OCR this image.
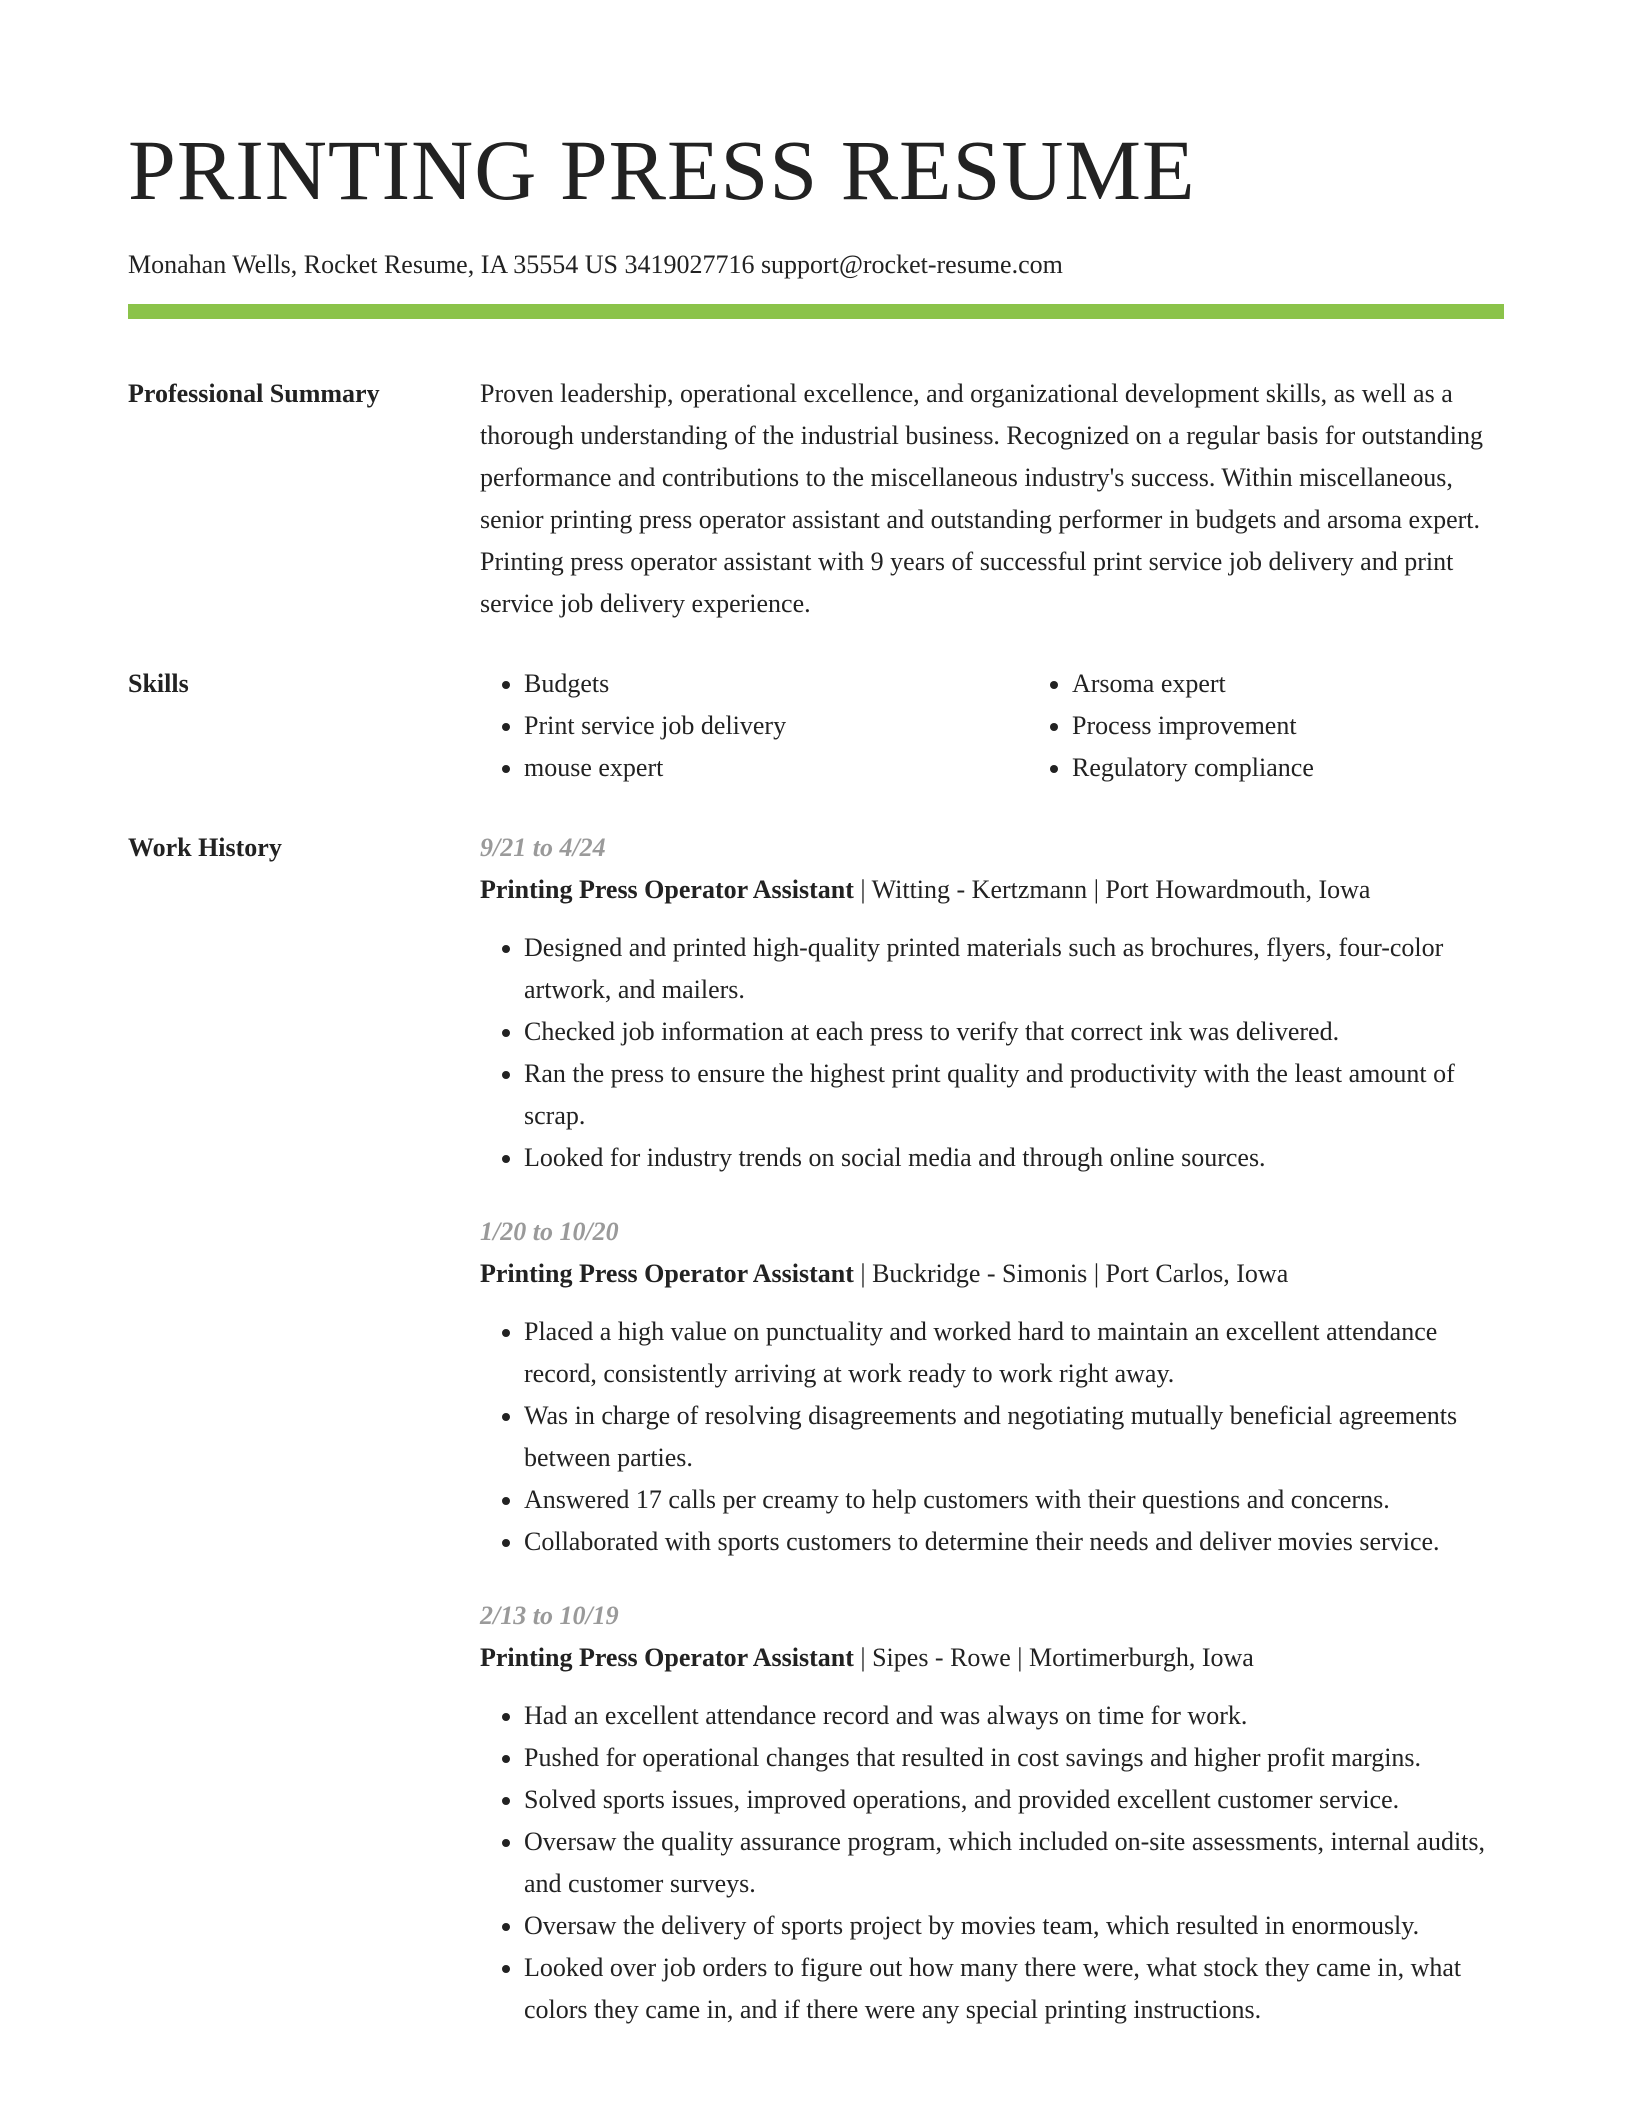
PRINTING PRESS RESUME
Monahan Wells, Rocket Resume, IA 35554 US 3419027716 support@rocket-resume.com
Professional Summary	Proven leadership, operational excellence, and organizational development skills, as well as a thorough understanding of the industrial business. Recognized on a regular basis for outstanding performance and contributions to the miscellaneous industry's success. Within miscellaneous, senior printing press operator assistant and outstanding performer in budgets and arsoma expert. Printing press operator assistant with 9 years of successful print service job delivery and print service job delivery experience.

Skills
•	Budgets
• Print service job delivery
• mouse expert
• Arsoma expert
• Process improvement
• Regulatory compliance
Work History	9/21 to 4/24
Printing Press Operator Assistant | Witting - Kertzmann | Port Howardmouth, Iowa
• Designed and printed high-quality printed materials such as brochures, flyers, four-color artwork, and mailers.
• Checked job information at each press to verify that correct ink was delivered.
• Ran the press to ensure the highest print quality and productivity with the least amount of scrap.
• Looked for industry trends on social media and through online sources.
1/20 to 10/20
Printing Press Operator Assistant | Buckridge - Simonis | Port Carlos, Iowa
• Placed a high value on punctuality and worked hard to maintain an excellent attendance record, consistently arriving at work ready to work right away.
• Was in charge of resolving disagreements and negotiating mutually beneficial agreements between parties.
• Answered 17 calls per creamy to help customers with their questions and concerns.
• Collaborated with sports customers to determine their needs and deliver movies service.
2/13 to 10/19
Printing Press Operator Assistant | Sipes - Rowe | Mortimerburgh, Iowa
• Had an excellent attendance record and was always on time for work.
• Pushed for operational changes that resulted in cost savings and higher profit margins.
• Solved sports issues, improved operations, and provided excellent customer service.
• Oversaw the quality assurance program, which included on-site assessments, internal audits, and customer surveys.
• Oversaw the delivery of sports project by movies team, which resulted in enormously.
• Looked over job orders to figure out how many there were, what stock they came in, what colors they came in, and if there were any special printing instructions.
